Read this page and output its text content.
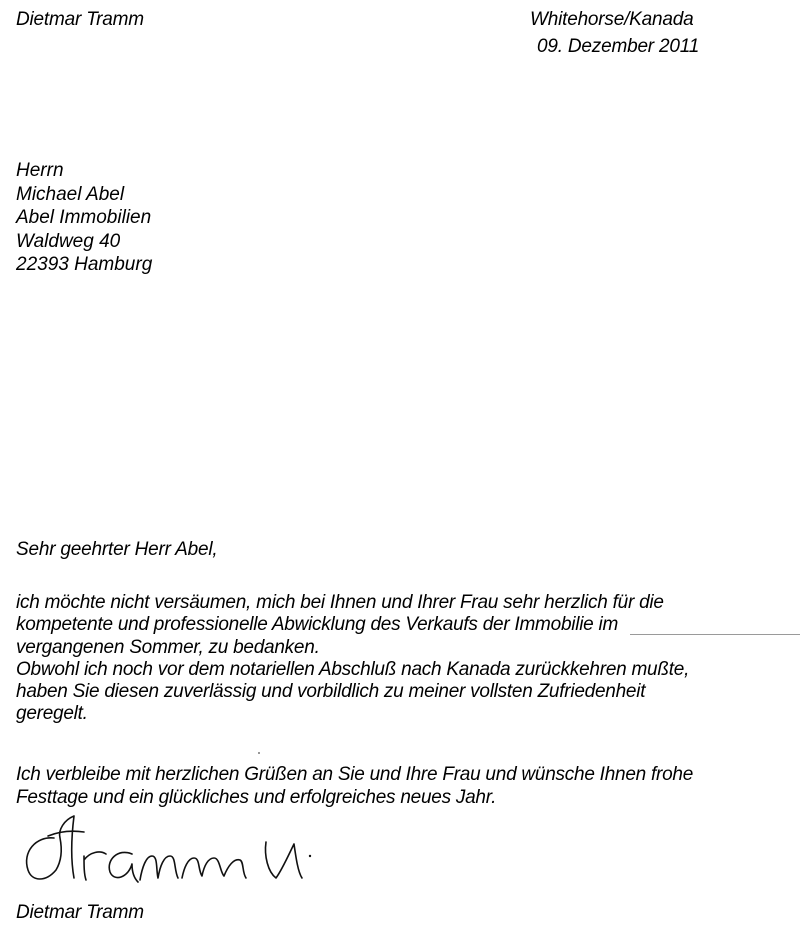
Dietmar Tramm	Whitehorse/Kanada
09. Dezember 2011
Herrn
Michael Abel
Abel Immobilien
Waldweg 40
22393 Hamburg
Sehr geehrter Herr Abel,
ich möchte nicht versäumen, mich bei Ihnen und Ihrer Frau sehr herzlich für die
kompetente und professionelle Abwicklung des Verkaufs der Immobilie im
vergangenen Sommer, zu bedanken.
Obwohl ich noch vor dem notariellen Abschluß nach Kanada zurückkehren mußte,
haben Sie diesen zuverlässig und vorbildlich zu meiner vollsten Zufriedenheit
geregelt.
Ich verbleibe mit herzlichen Grüßen an Sie und Ihre Frau und wünsche Ihnen frohe
Festtage und ein glückliches und erfolgreiches neues Jahr.
Dietmar Tramm
